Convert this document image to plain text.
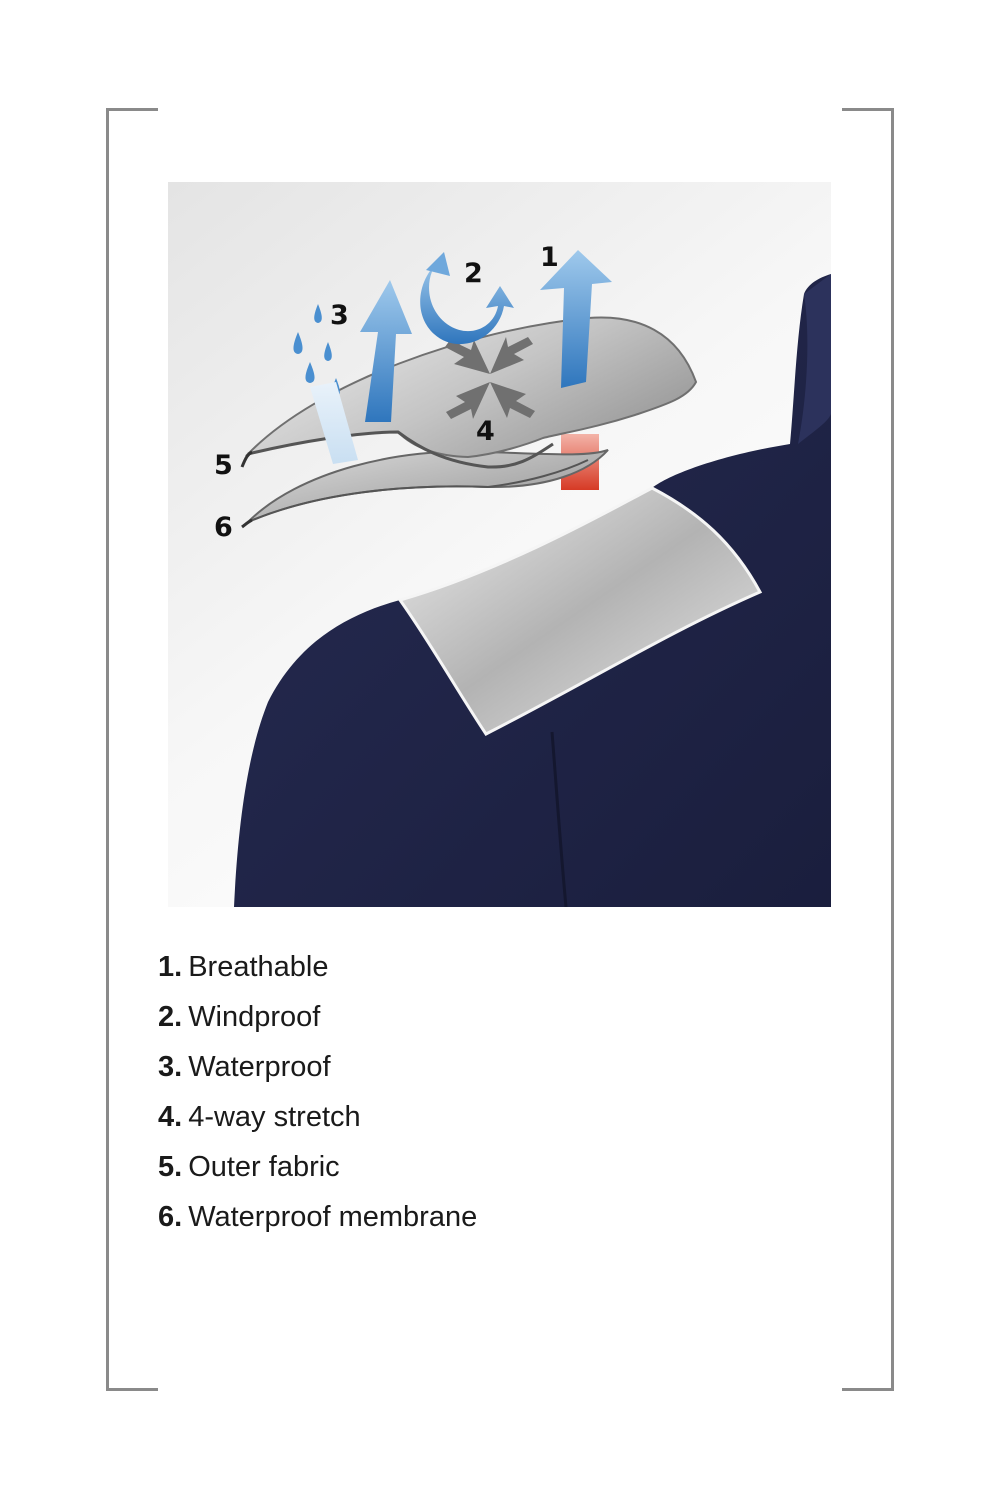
1
2
3
4
5
6
1. Breathable
2. Windproof
3. Waterproof
4. 4-way stretch
5. Outer fabric
6. Waterproof membrane
